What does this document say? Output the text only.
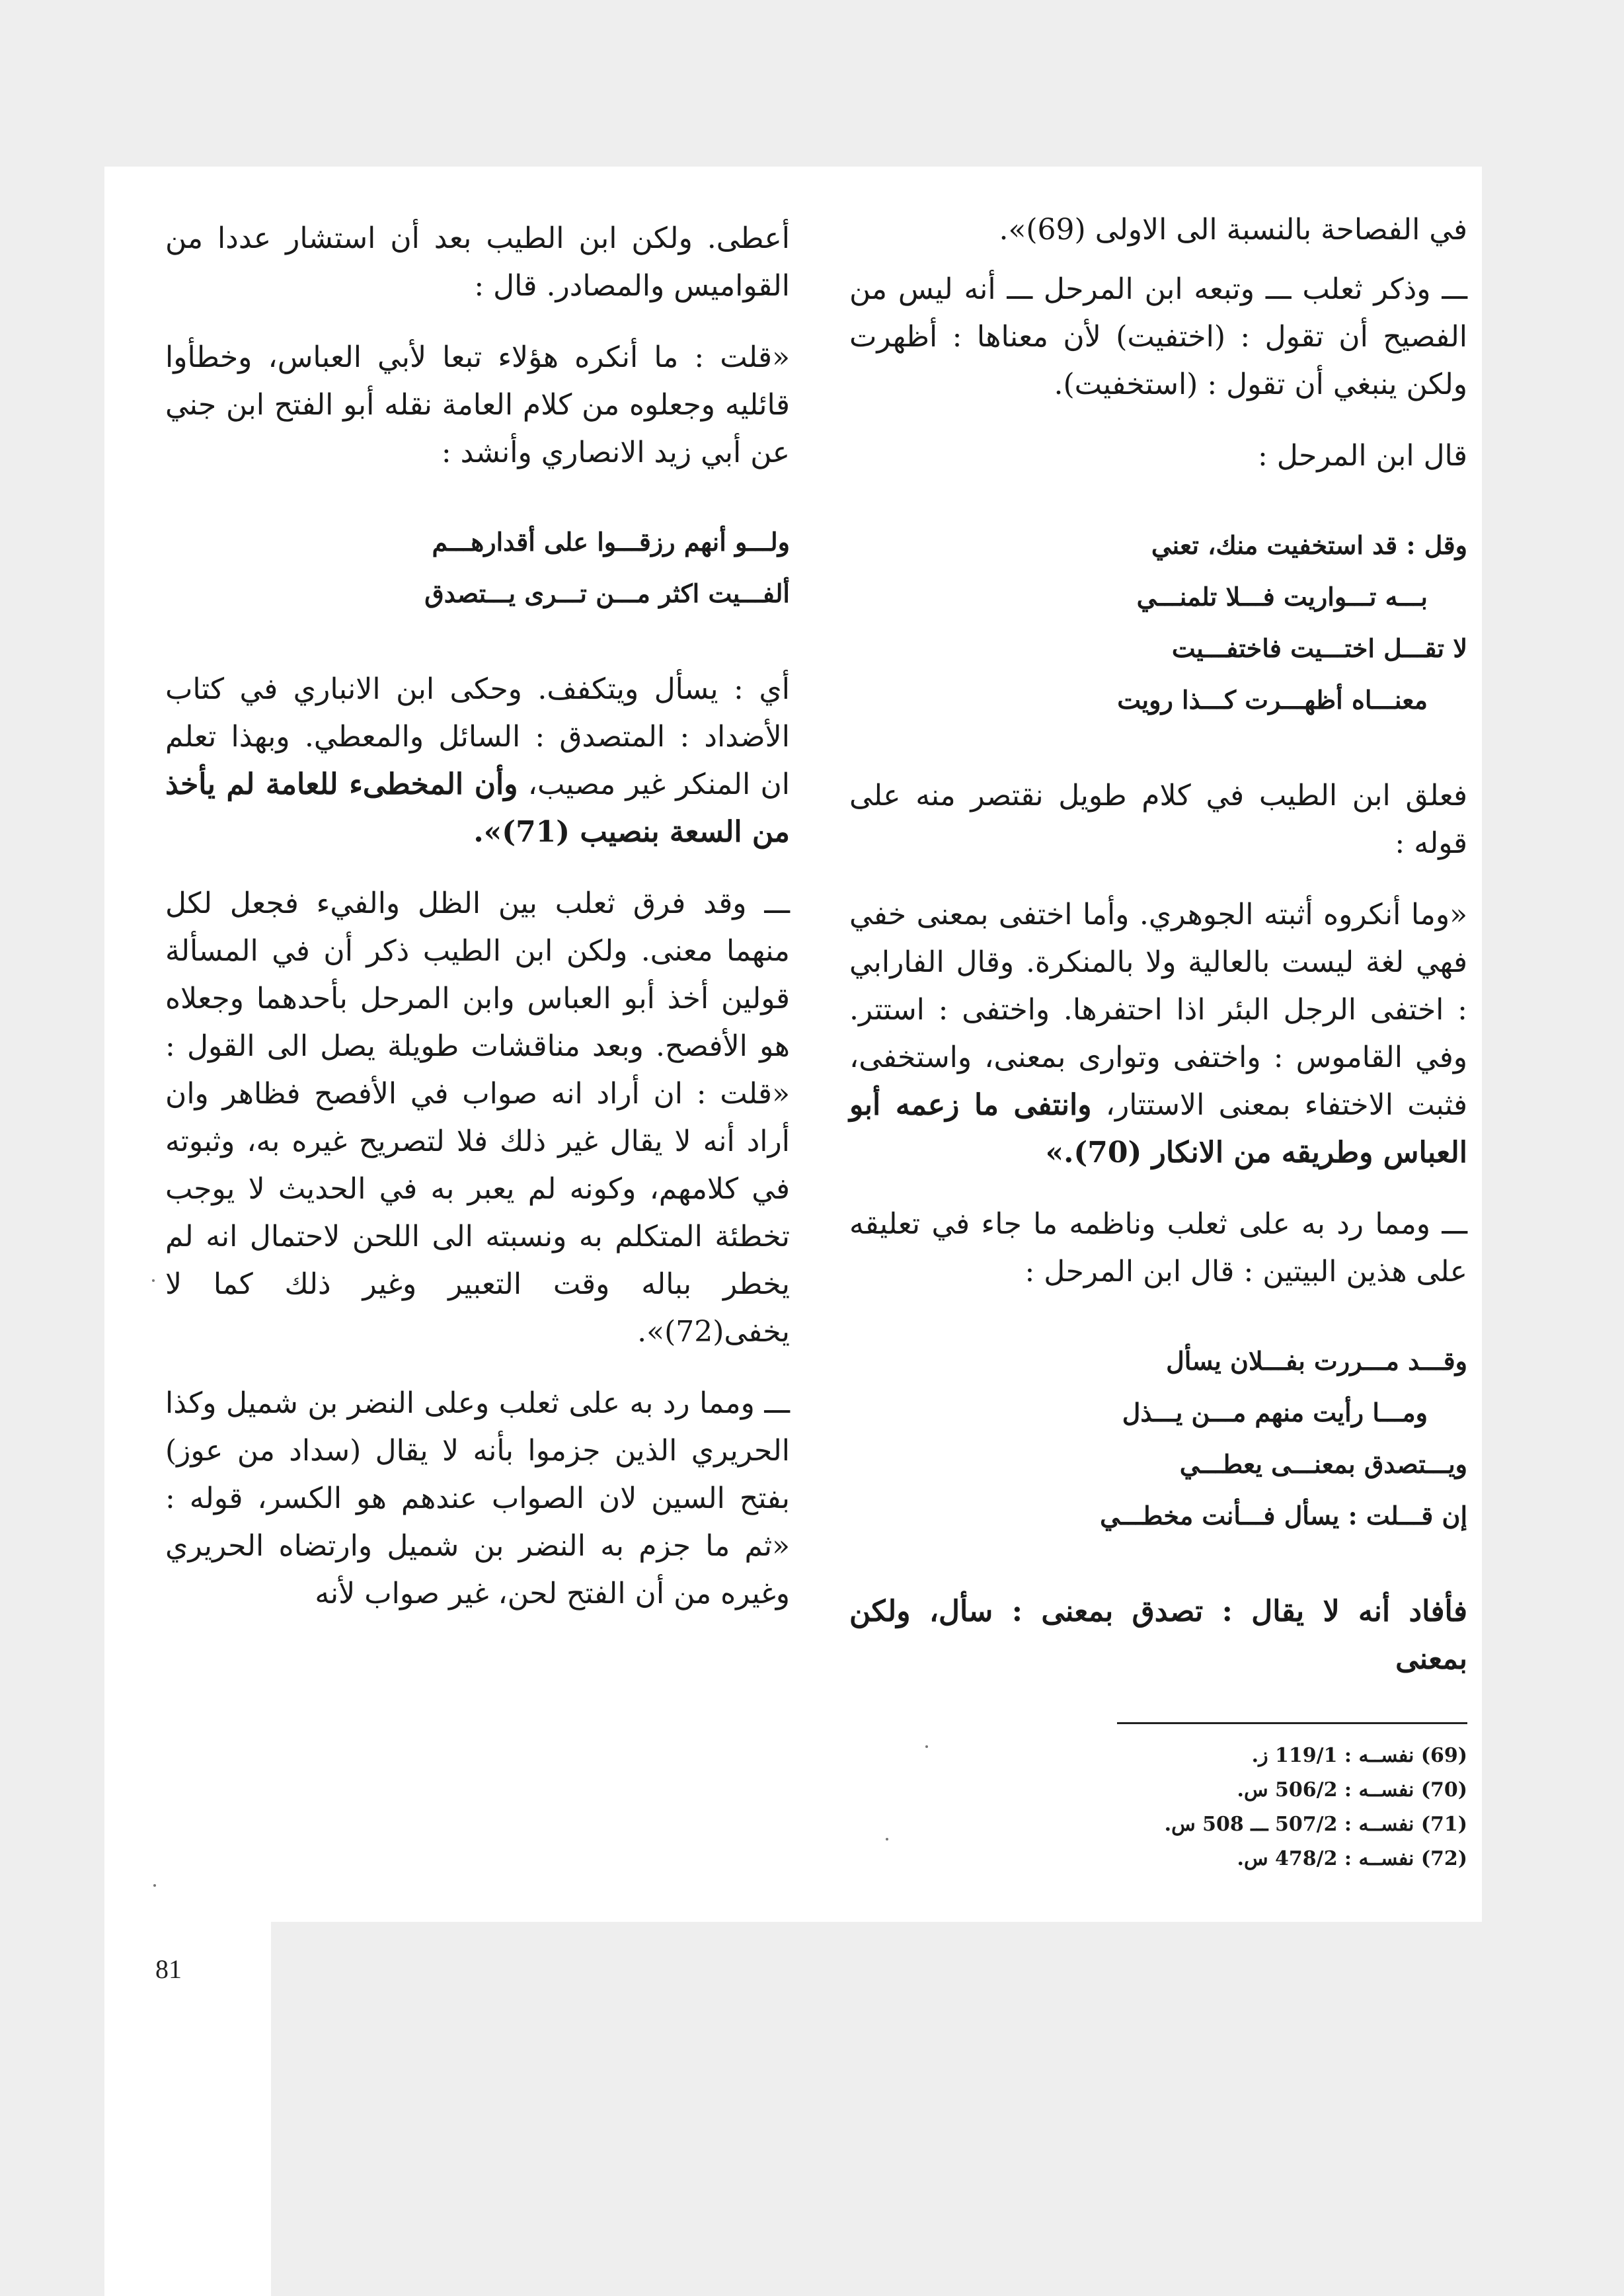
في الفصاحة بالنسبة الى الاولى (69)».

ـــ وذكر ثعلب ـــ وتبعه ابن المرحل ـــ أنه ليس من الفصيح أن تقول : (اختفيت) لأن معناها : أظهرت ولكن ينبغي أن تقول : (استخفيت).

قال ابن المرحل :

وقل : قد استخفيت منك، تعني

بـــه تـــواريت فـــلا تلمنـــي

لا تقـــل اختـــيت فاختفـــيت

معنـــاه أظهـــرت كـــذا رويت

فعلق ابن الطيب في كلام طويل نقتصر منه على قوله :

«وما أنكروه أثبته الجوهري. وأما اختفى بمعنى خفي فهي لغة ليست بالعالية ولا بالمنكرة. وقال الفارابي : اختفى الرجل البئر اذا احتفرها. واختفى : استتر. وفي القاموس : واختفى وتوارى بمعنى، واستخفى، فثبت الاختفاء بمعنى الاستتار، وانتفى ما زعمه أبو العباس وطريقه من الانكار (70).»

ـــ ومما رد به على ثعلب وناظمه ما جاء في تعليقه على هذين البيتين : قال ابن المرحل :

وقـــد مـــررت بفـــلان يسأل

ومـــا رأيت منهم مـــن يـــذل

ويـــتصدق بمعنـــى يعطـــي

إن قـــلت : يسأل فـــأنت مخطـــي

فأفاد أنه لا يقال : تصدق بمعنى : سأل، ولكن بمعنى

أعطى. ولكن ابن الطيب بعد أن استشار عددا من القواميس والمصادر. قال :

«قلت : ما أنكره هؤلاء تبعا لأبي العباس، وخطأوا قائليه وجعلوه من كلام العامة نقله أبو الفتح ابن جني عن أبي زيد الانصاري وأنشد :

ولـــو أنهم رزقـــوا على أقدارهـــم

ألفـــيت اكثر مـــن تـــرى يـــتصدق

أي : يسأل ويتكفف. وحكى ابن الانباري في كتاب الأضداد : المتصدق : السائل والمعطي. وبهذا تعلم ان المنكر غير مصيب، وأن المخطىء للعامة لم يأخذ من السعة بنصيب (71)».

ـــ وقد فرق ثعلب بين الظل والفيء فجعل لكل منهما معنى. ولكن ابن الطيب ذكر أن في المسألة قولين أخذ أبو العباس وابن المرحل بأحدهما وجعلاه هو الأفصح. وبعد مناقشات طويلة يصل الى القول : «قلت : ان أراد انه صواب في الأفصح فظاهر وان أراد أنه لا يقال غير ذلك فلا لتصريح غيره به، وثبوته في كلامهم، وكونه لم يعبر به في الحديث لا يوجب تخطئة المتكلم به ونسبته الى اللحن لاحتمال انه لم يخطر بباله وقت التعبير وغير ذلك كما لا يخفى(72)».

ـــ ومما رد به على ثعلب وعلى النضر بن شميل وكذا الحريري الذين جزموا بأنه لا يقال (سداد من عوز) بفتح السين لان الصواب عندهم هو الكسر، قوله : «ثم ما جزم به النضر بن شميل وارتضاه الحريري وغيره من أن الفتح لحن، غير صواب لأنه

(69) نفســه : 119/1 ز.

(70) نفســه : 506/2 س.

(71) نفســه : 507/2 ـــ 508 س.

(72) نفســه : 478/2 س.

81
